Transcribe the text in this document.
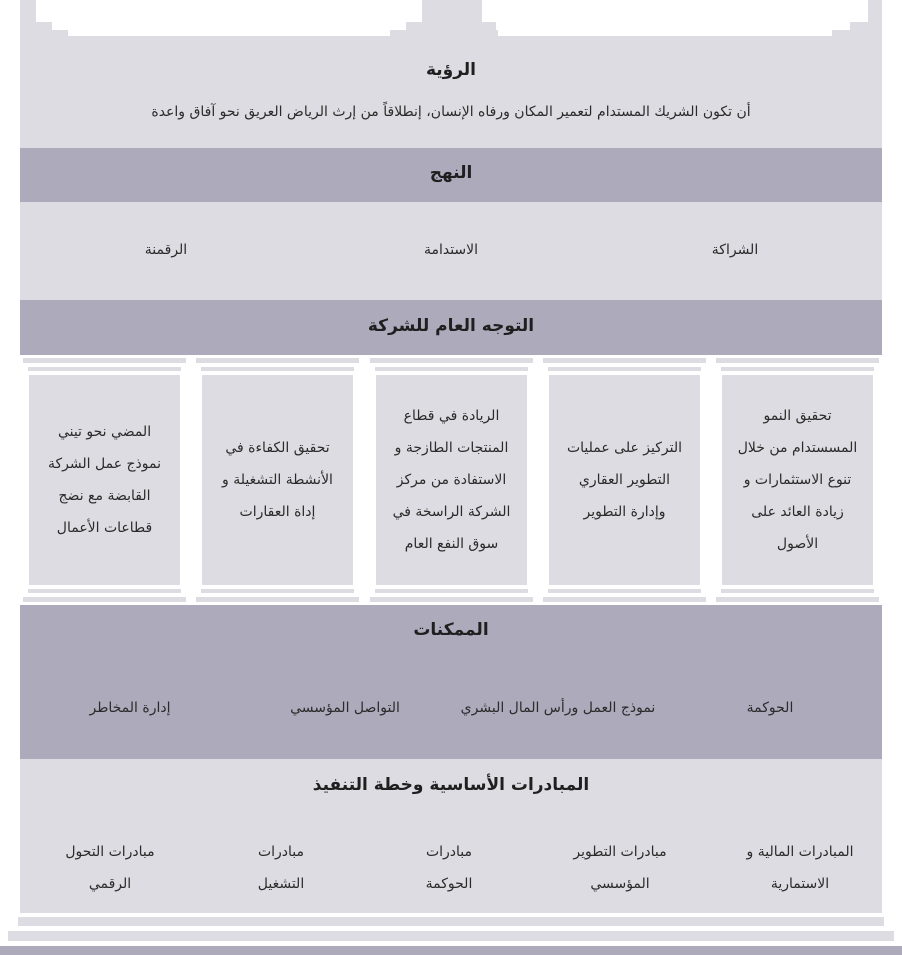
الرؤية
أن تكون الشريك المستدام لتعمير المكان ورفاه الإنسان، إنطلاقاً من إرث الرياض العريق نحو آفاق واعدة
النهج
الشراكة
الاستدامة
الرقمنة
التوجه العام للشركة
تحقيق النمو
المسستدام من خلال
تنوع الاستثمارات و
زيادة العائد على
الأصول
التركيز على عمليات
التطوير العقاري
وإدارة التطوير
الريادة في قطاع
المنتجات الطازجة و
الاستفادة من مركز
الشركة الراسخة في
سوق النفع العام
تحقيق الكفاءة في
الأنشطة التشغيلة و
إداة العقارات
المضي نحو تيني
نموذج عمل الشركة
القابضة مع نضج
قطاعات الأعمال
الممكنات
الحوكمة
نموذج العمل ورأس المال البشري
التواصل المؤسسي
إدارة المخاطر
المبادرات الأساسية وخطة التنفيذ
المبادرات المالية و
الاستمارية
مبادرات التطوير
المؤسسي
مبادرات
الحوكمة
مبادرات
التشغيل
مبادرات التحول
الرقمي
